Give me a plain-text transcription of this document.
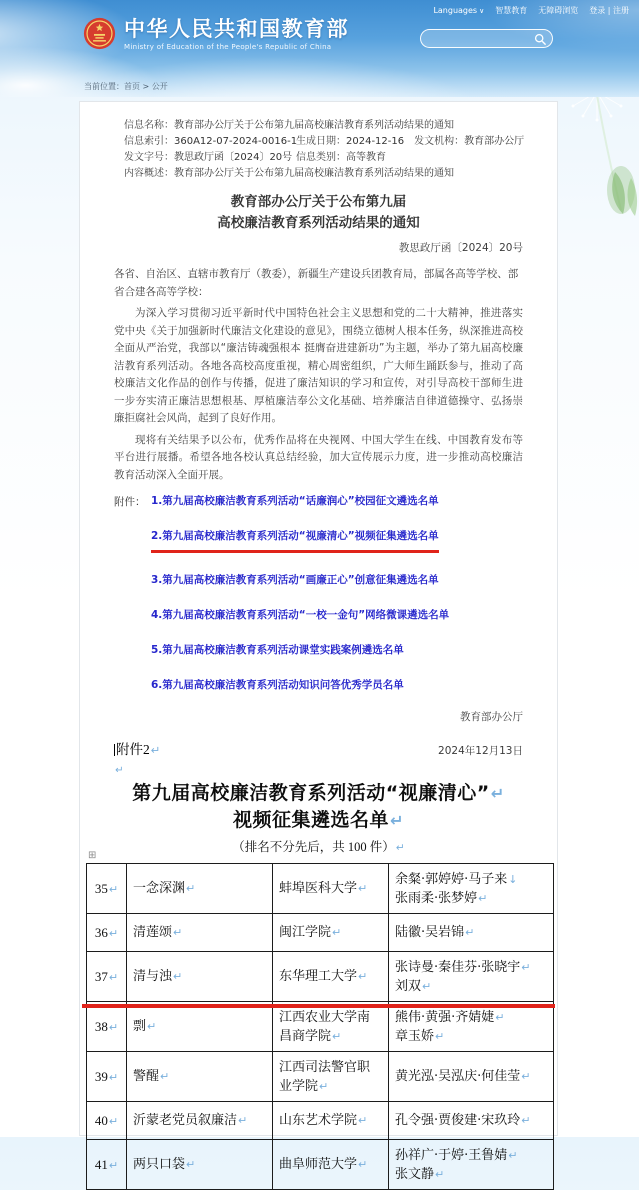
Languages ∨ 智慧教育 无障碍浏览 登录 | 注册
中华人民共和国教育部
Ministry of Education of the People's Republic of China
当前位置：首页 > 公开
信息名称： 教育部办公厅关于公布第九届高校廉洁教育系列活动结果的通知
信息索引： 360A12-07-2024-0016-1
生成日期： 2024-12-16 发文机构： 教育部办公厅
发文字号： 教思政厅函〔2024〕20号 信息类别： 高等教育
内容概述： 教育部办公厅关于公布第九届高校廉洁教育系列活动结果的通知
教育部办公厅关于公布第九届
高校廉洁教育系列活动结果的通知
教思政厅函〔2024〕20号
各省、自治区、直辖市教育厅（教委），新疆生产建设兵团教育局，部属各高等学校、部省合建各高等学校：

为深入学习贯彻习近平新时代中国特色社会主义思想和党的二十大精神，推进落实党中央《关于加强新时代廉洁文化建设的意见》，围绕立德树人根本任务，纵深推进高校全面从严治党，我部以“廉洁铸魂强根本 挺膺奋进建新功”为主题，举办了第九届高校廉洁教育系列活动。各地各高校高度重视，精心周密组织，广大师生踊跃参与，推动了高校廉洁文化作品的创作与传播，促进了廉洁知识的学习和宣传，对引导高校干部师生进一步夯实清正廉洁思想根基、厚植廉洁奉公文化基础、培养廉洁自律道德操守、弘扬崇廉拒腐社会风尚，起到了良好作用。

现将有关结果予以公布，优秀作品将在央视网、中国大学生在线、中国教育发布等平台进行展播。希望各地各校认真总结经验，加大宣传展示力度，进一步推动高校廉洁教育活动深入全面开展。

附件： 1.第九届高校廉洁教育系列活动“话廉润心”校园征文遴选名单
2.第九届高校廉洁教育系列活动“视廉清心”视频征集遴选名单
3.第九届高校廉洁教育系列活动“画廉正心”创意征集遴选名单
4.第九届高校廉洁教育系列活动“一校一金句”网络微课遴选名单
5.第九届高校廉洁教育系列活动课堂实践案例遴选名单
6.第九届高校廉洁教育系列活动知识问答优秀学员名单
教育部办公厅
附件2↵	2024年12月13日
↵
第九届高校廉洁教育系列活动“视廉清心”↵
视频征集遴选名单↵
（排名不分先后，共 100 件）↵
⊞
35↵	一念深渊↵	蚌埠医科大学↵	余粲·郭婷婷·马子来↓
张雨柔·张梦婷↵

36↵	清莲颂↵	闽江学院↵	陆徽·吴岩锦↵

37↵	清与浊↵	东华理工大学↵	张诗曼·秦佳芬·张晓宇↵
刘双↵

38↵	剽↵	江西农业大学南昌商学院↵	熊伟·黄强·齐婧婕↵
章玉娇↵

39↵	警醒↵	江西司法警官职业学院↵	黄光泓·吴泓庆·何佳莹↵

40↵	沂蒙老党员叙廉洁↵	山东艺术学院↵	孔令强·贾俊建·宋玖玲↵

41↵	两只口袋↵	曲阜师范大学↵	孙祥广·于婷·王鲁婧↵
张文静↵
